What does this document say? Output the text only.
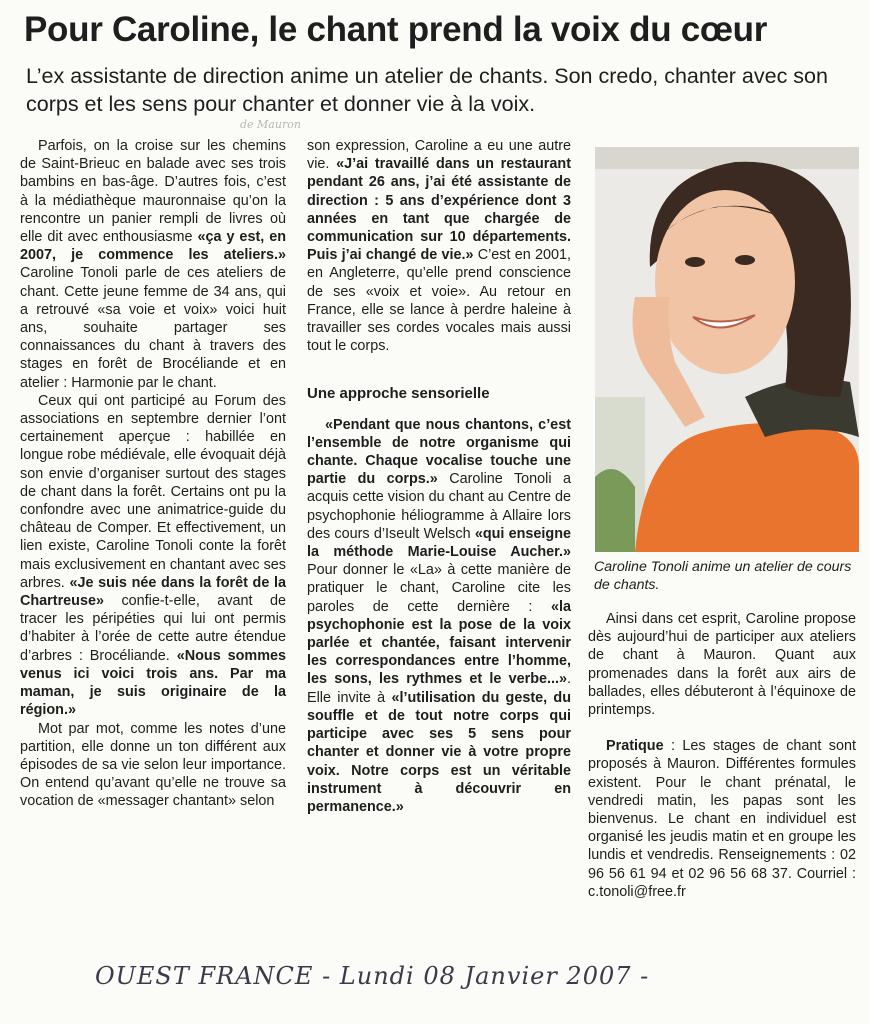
Pour Caroline, le chant prend la voix du cœur
L’ex assistante de direction anime un atelier de chants. Son credo, chanter avec son corps et les sens pour chanter et donner vie à la voix.
de Mauron

Parfois, on la croise sur les chemins de Saint-Brieuc en balade avec ses trois bambins en bas-âge. D’autres fois, c’est à la médiathèque mauronnaise qu’on la rencontre un panier rempli de livres où elle dit avec enthousiasme «ça y est, en 2007, je commence les ateliers.» Caroline Tonoli parle de ces ateliers de chant. Cette jeune femme de 34 ans, qui a retrouvé «sa voie et voix» voici huit ans, souhaite partager ses connaissances du chant à travers des stages en forêt de Brocéliande et en atelier : Harmonie par le chant.

Ceux qui ont participé au Forum des associations en septembre dernier l’ont certainement aperçue : habillée en longue robe médiévale, elle évoquait déjà son envie d’organiser surtout des stages de chant dans la forêt. Certains ont pu la confondre avec une animatrice-guide du château de Comper. Et effectivement, un lien existe, Caroline Tonoli conte la forêt mais exclusivement en chantant avec ses arbres. «Je suis née dans la forêt de la Chartreuse» confie-t-elle, avant de tracer les péripéties qui lui ont permis d’habiter à l’orée de cette autre étendue d’arbres : Brocéliande. «Nous sommes venus ici voici trois ans. Par ma maman, je suis originaire de la région.»

Mot par mot, comme les notes d’une partition, elle donne un ton différent aux épisodes de sa vie selon leur importance. On entend qu’avant qu’elle ne trouve sa vocation de «messager chantant» selon

son expression, Caroline a eu une autre vie. «J’ai travaillé dans un restaurant pendant 26 ans, j’ai été assistante de direction : 5 ans d’expérience dont 3 années en tant que chargée de communication sur 10 départements. Puis j’ai changé de vie.» C’est en 2001, en Angleterre, qu’elle prend conscience de ses «voix et voie». Au retour en France, elle se lance à perdre haleine à travailler ses cordes vocales mais aussi tout le corps.

Une approche sensorielle

«Pendant que nous chantons, c’est l’ensemble de notre organisme qui chante. Chaque vocalise touche une partie du corps.» Caroline Tonoli a acquis cette vision du chant au Centre de psychophonie héliogramme à Allaire lors des cours d’Iseult Welsch «qui enseigne la méthode Marie-Louise Aucher.» Pour donner le «La» à cette manière de pratiquer le chant, Caroline cite les paroles de cette dernière : «la psychophonie est la pose de la voix parlée et chantée, faisant intervenir les correspondances entre l’homme, les sons, les rythmes et le verbe...». Elle invite à «l’utilisation du geste, du souffle et de tout notre corps qui participe avec ses 5 sens pour chanter et donner vie à votre propre voix. Notre corps est un véritable instrument à découvrir en permanence.»

Caroline Tonoli anime un atelier de cours de chants.

Ainsi dans cet esprit, Caroline propose dès aujourd’hui de participer aux ateliers de chant à Mauron. Quant aux promenades dans la forêt aux airs de ballades, elles débuteront à l’équinoxe de printemps.

Pratique : Les stages de chant sont proposés à Mauron. Différentes formules existent. Pour le chant prénatal, le vendredi matin, les papas sont les bienvenus. Le chant en individuel est organisé les jeudis matin et en groupe les lundis et vendredis. Renseignements : 02 96 56 61 94 et 02 96 56 68 37. Courriel : c.tonoli@free.fr

OUEST FRANCE - Lundi 08 Janvier 2007 -
